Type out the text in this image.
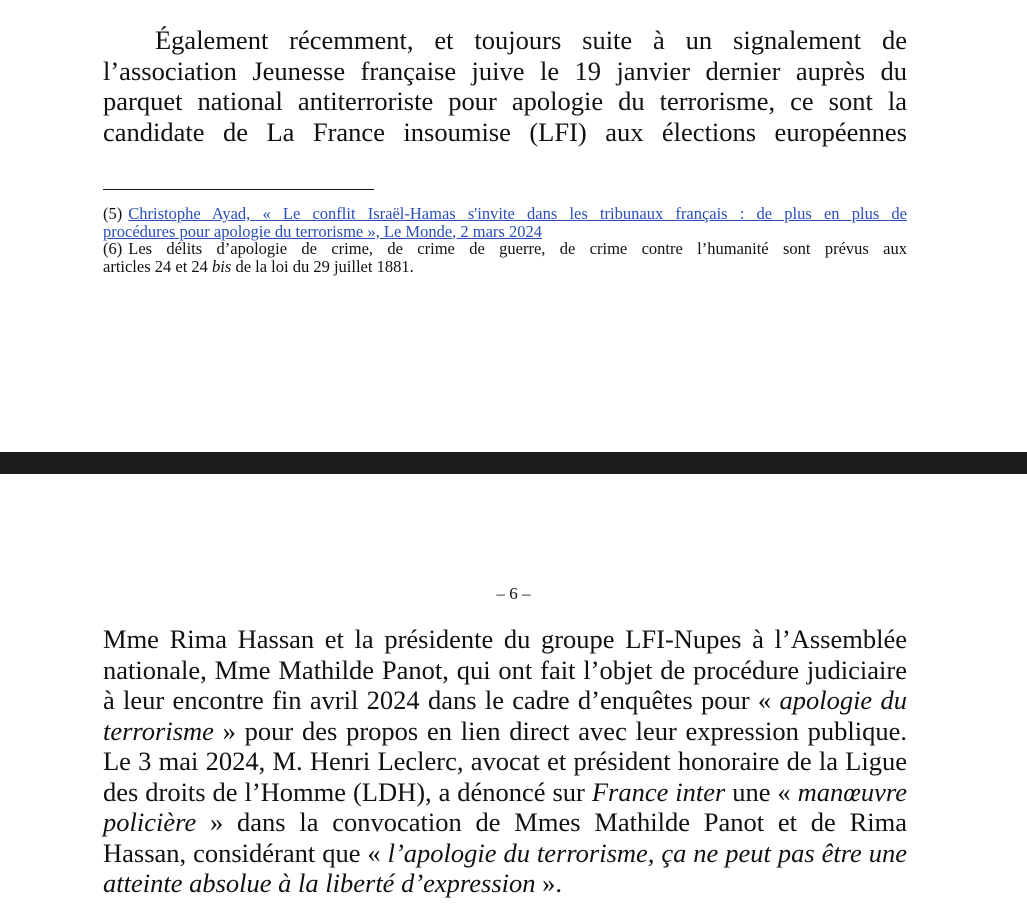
Également récemment, et toujours suite à un signalement de
l’association Jeunesse française juive le 19 janvier dernier auprès du
parquet national antiterroriste pour apologie du terrorisme, ce sont la
candidate de La France insoumise (LFI) aux élections européennes

(5) Christophe Ayad, « Le conflit Israël-Hamas s'invite dans les tribunaux français : de plus en plus de
procédures pour apologie du terrorisme », Le Monde, 2 mars 2024
(6) Les délits d’apologie de crime, de crime de guerre, de crime contre l’humanité sont prévus aux
articles 24 et 24 bis de la loi du 29 juillet 1881.
– 6 –

Mme Rima Hassan et la présidente du groupe LFI-Nupes à l’Assemblée
nationale, Mme Mathilde Panot, qui ont fait l’objet de procédure judiciaire
à leur encontre fin avril 2024 dans le cadre d’enquêtes pour « apologie du
terrorisme » pour des propos en lien direct avec leur expression publique.
Le 3 mai 2024, M. Henri Leclerc, avocat et président honoraire de la Ligue
des droits de l’Homme (LDH), a dénoncé sur France inter une « manœuvre
policière » dans la convocation de Mmes Mathilde Panot et de Rima
Hassan, considérant que « l’apologie du terrorisme, ça ne peut pas être une
atteinte absolue à la liberté d’expression ».
